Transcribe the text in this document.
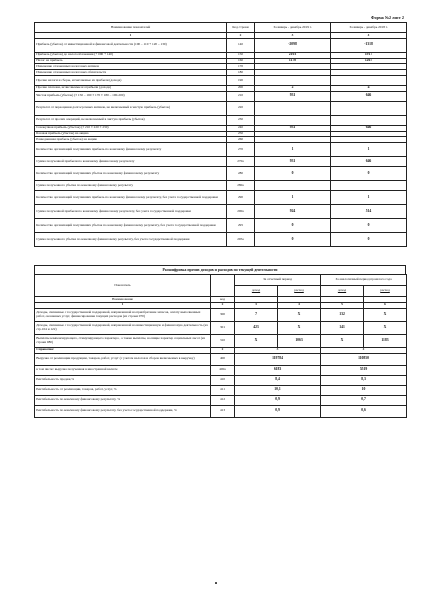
Форма №2 лист 2
Наименование показателей	Код строки	За январь - декабрь 2019 г.	За январь - декабрь 2018 г.
1	2	3	4
Прибыль (убыток) от инвестиционной и финансовой деятельности (100 – 110 + 120 – 130)	140	-2098	-1318
Прибыль (убыток) до налогообложения (+ 090 + 140)	150	2103	1917
Налог на прибыль	160	1170	1267
Изменение отложенных налоговых активов	170		
Изменение отложенных налоговых обязательств	180		
Прочие налоги и сборы, исчисляемые из прибыли (дохода)	190		
Прочие платежи, исчисляемые из прибыли (дохода)	200	2	4
Чистая прибыль (убыток) (± 150 – 160 ± 170 ± 180 – 190-200)	210	931	646
Результат от переоценки долгосрочных активов, не включаемый в чистую прибыль (убыток)	220		
Результат от прочих операций, не включаемый в чистую прибыль (убыток)	230		
Совокупная прибыль (убыток) (± 210 ± 220 ± 230)	240	931	646
Базовая прибыль (убыток) на акцию	250		
Разводненная прибыль (убыток) на акцию	260		
Количество организаций получивших прибыль по конечному финансовому результату	270	1	1
Сумма полученной прибыли по конечному финансовому результату	270а	931	646
Количество организаций получивших убыток по конечному финансовому результату	280	0	0
Сумма полученного убытка по конечному финансовому результату	280а		
Количество организаций получивших прибыль по конечному финансовому результату, без учета государственной поддержки	290	1	1
Сумма полученной прибыли по конечному финансовому результату, без учета государственной поддержки	290а	924	514
Количество организаций получивших убыток по конечному финансовому результату, без учета государственной поддержки	295	0	0
Сумма полученного убытка по конечному финансовому результату, без учета государственной поддержки	295а	0	0
Расшифровка прочих доходов и расходов по текущей деятельности
Показатель		За отчетный период		За аналогичный период прошлого года	
		доход	расход	доход	расход
Наименование	код				
1	2	3	4	5	6
Доходы, связанные с государственной поддержкой, направленной на приобретение запасов, оплату выполненных работ, оказанных услуг, финансирование текущих расходов (из строки 070)	300	7	X	132	X
Доходы, связанные с государственной поддержкой, направленной на инвестиционную и финансовую деятельность (из стр.104 и 122)	301	423	X	141	X
Выплаты компенсирующего, стимулирующего характера , а также выплаты, носящие характер социальных льгот (из строки 080)	310	X	1063	X	1183
Справочно:	2	3		4	
Выручка от реализации продукции, товаров, работ, услуг (с учетом налогов и сборов включаемых в выручку)	400	119784		110850	
в том числе: выручка полученная в иностранной валюте	400а	6183		5519	
Рентабельность продаж,%	410	8,4		8,3	
Рентабельность от реализации, товаров, работ, услуг, %	411	10,1		10	
Рентабельность по конечному финансовому результату, %	412	0,9		0,7	
Рентабельность по конечному финансовому результату, без учета государственной поддержки, %	413	0,9		0,6	
